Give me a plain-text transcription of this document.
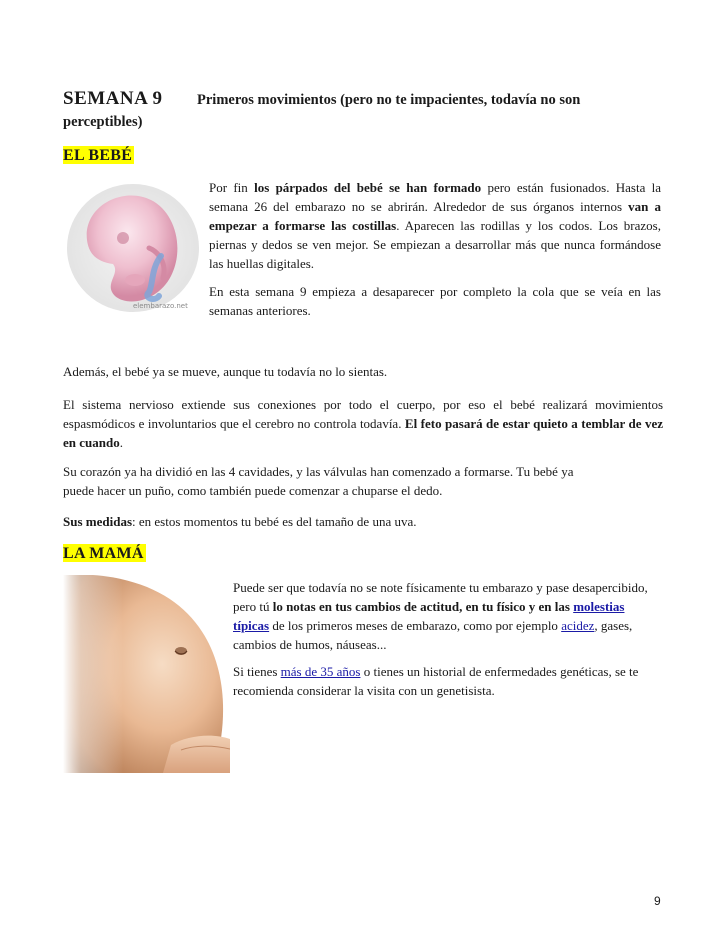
SEMANA 9 Primeros movimientos (pero no te impacientes, todavía no son
perceptibles)
EL BEBÉ
elembarazo.net

Por fin los párpados del bebé se han formado pero están fusionados. Hasta la semana 26 del embarazo no se abrirán. Alrededor de sus órganos internos van a empezar a formarse las costillas. Aparecen las rodillas y los codos. Los brazos, piernas y dedos se ven mejor. Se empiezan a desarrollar más que nunca formándose las huellas digitales.

En esta semana 9 empieza a desaparecer por completo la cola que se veía en las semanas anteriores.

Además, el bebé ya se mueve, aunque tu todavía no lo sientas.

El sistema nervioso extiende sus conexiones por todo el cuerpo, por eso el bebé realizará movimientos espasmódicos e involuntarios que el cerebro no controla todavía. El feto pasará de estar quieto a temblar de vez en cuando.

Su corazón ya ha dividió en las 4 cavidades, y las válvulas han comenzado a formarse. Tu bebé ya
puede hacer un puño, como también puede comenzar a chuparse el dedo.

Sus medidas: en estos momentos tu bebé es del tamaño de una uva.

LA MAMÁ

Puede ser que todavía no se note físicamente tu embarazo y pase desapercibido, pero tú lo notas en tus cambios de actitud, en tu físico y en las molestias típicas de los primeros meses de embarazo, como por ejemplo acidez, gases, cambios de humos, náuseas...

Si tienes más de 35 años o tienes un historial de enfermedades genéticas, se te recomienda considerar la visita con un genetisista.

9
